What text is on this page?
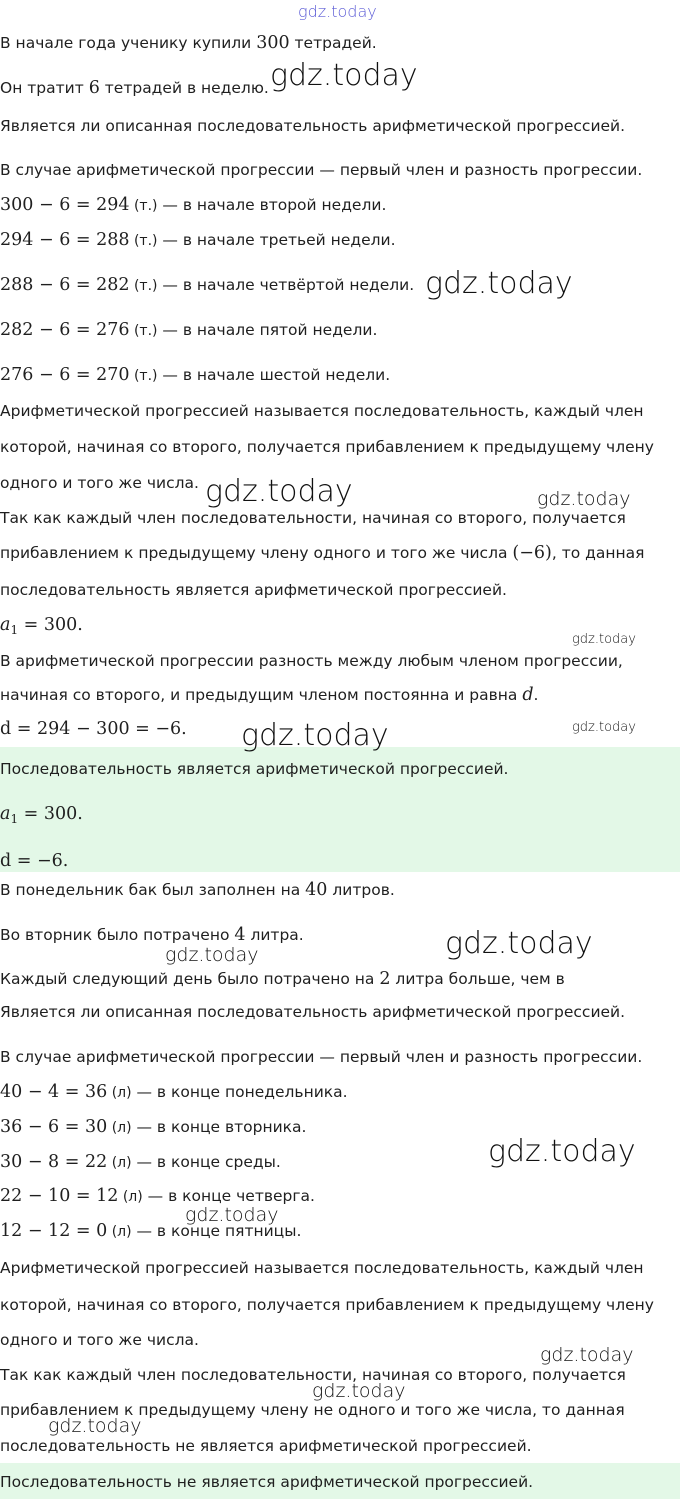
В начале года ученику купили 300 тетрадей.
Он тратит 6 тетрадей в неделю.
Является ли описанная последовательность арифметической прогрессией.
В случае арифметической прогрессии — первый член и разность прогрессии.
300 − 6 = 294 (т.) — в начале второй недели.
294 − 6 = 288 (т.) — в начале третьей недели.
288 − 6 = 282 (т.) — в начале четвёртой недели.
282 − 6 = 276 (т.) — в начале пятой недели.
276 − 6 = 270 (т.) — в начале шестой недели.
Арифметической прогрессией называется последовательность, каждый член
которой, начиная со второго, получается прибавлением к предыдущему члену
одного и того же числа.
Так как каждый член последовательности, начиная со второго, получается
прибавлением к предыдущему члену одного и того же числа (−6), то данная
последовательность является арифметической прогрессией.
$a_1 = 300$.
В арифметической прогрессии разность между любым членом прогрессии,
начиная со второго, и предыдущим членом постоянна и равна d.
d = 294 − 300 = −6.
Последовательность является арифметической прогрессией.
$a_1 = 300$.
d = −6.
В понедельник бак был заполнен на 40 литров.
Во вторник было потрачено 4 литра.
Каждый следующий день было потрачено на 2 литра больше, чем в
Является ли описанная последовательность арифметической прогрессией.
В случае арифметической прогрессии — первый член и разность прогрессии.
40 − 4 = 36 (л) — в конце понедельника.
36 − 6 = 30 (л) — в конце вторника.
30 − 8 = 22 (л) — в конце среды.
22 − 10 = 12 (л) — в конце четверга.
12 − 12 = 0 (л) — в конце пятницы.
Арифметической прогрессией называется последовательность, каждый член
которой, начиная со второго, получается прибавлением к предыдущему члену
одного и того же числа.
Так как каждый член последовательности, начиная со второго, получается
прибавлением к предыдущему члену не одного и того же числа, то данная
последовательность не является арифметической прогрессией.
Последовательность не является арифметической прогрессией.
gdz.today
gdz.today
gdz.today
gdz.today	gdz.today
gdz.today
gdz.today
gdz.today
gdz.today
gdz.today
gdz.today
gdz.today
gdz.today
gdz.today
gdz.today
